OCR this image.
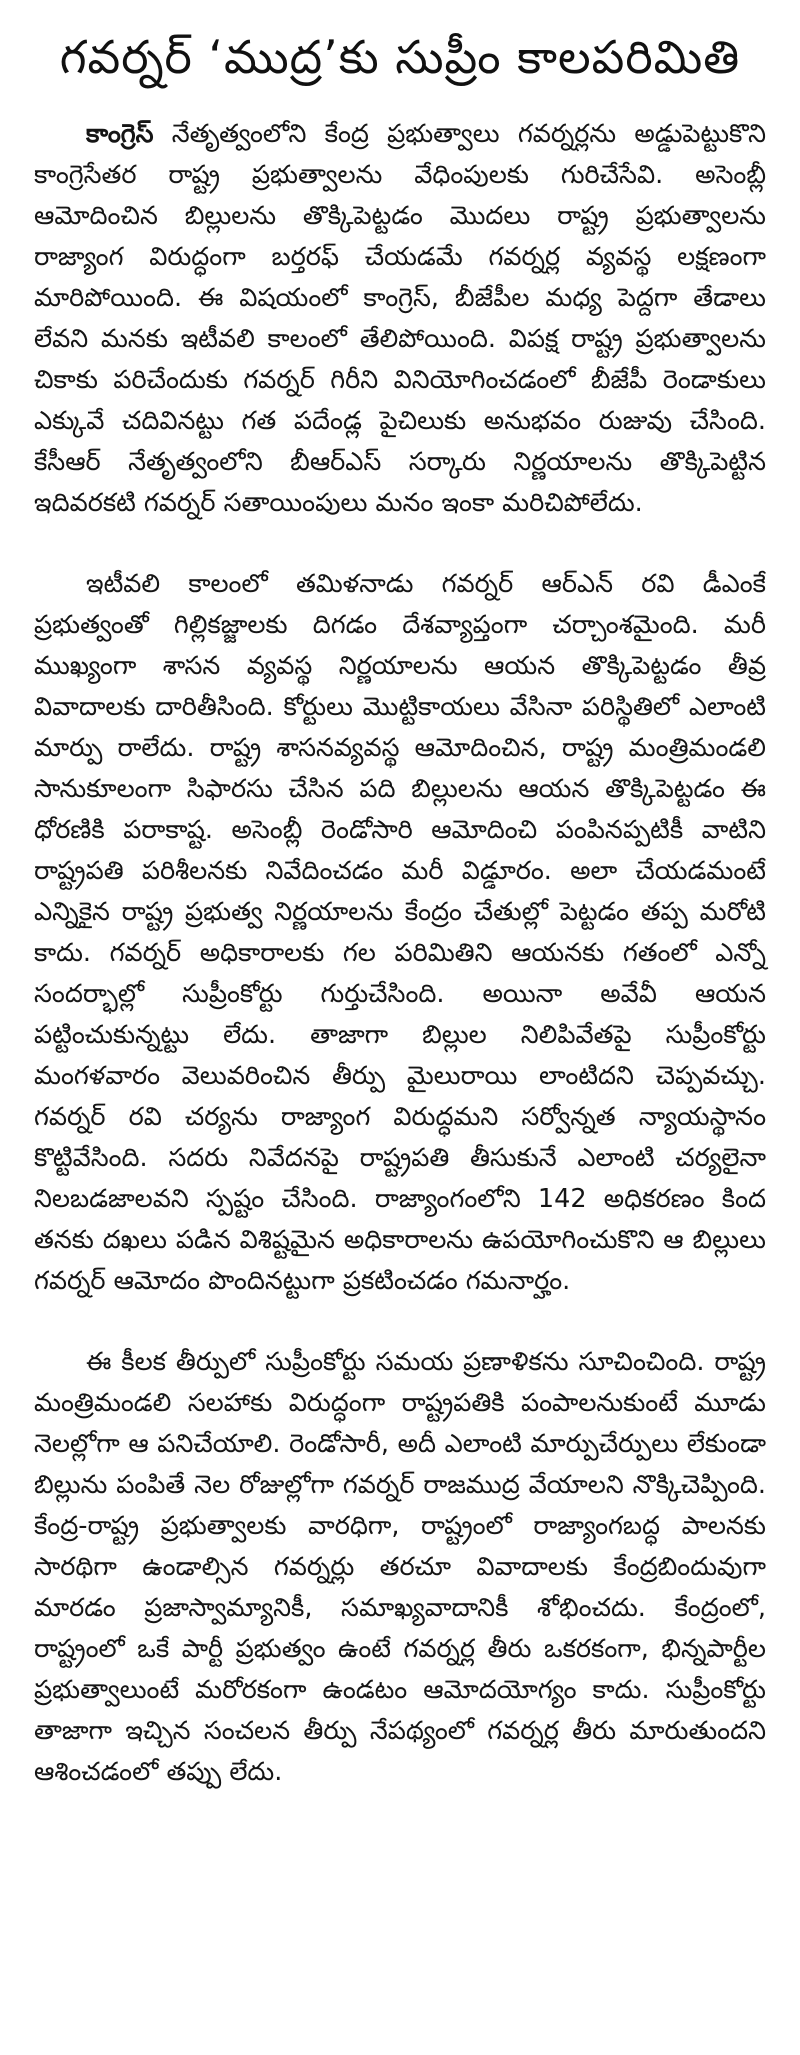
గవర్నర్ ‘ముద్ర’కు సుప్రీం కాలపరిమితి

కాంగ్రెస్ నేతృత్వంలోని కేంద్ర ప్రభుత్వాలు గవర్నర్లను అడ్డుపెట్టుకొని కాంగ్రెసేతర రాష్ట్ర ప్రభుత్వాలను వేధింపులకు గురిచేసేవి. అసెంబ్లీ ఆమోదించిన బిల్లులను తొక్కిపెట్టడం మొదలు రాష్ట్ర ప్రభుత్వాలను రాజ్యాంగ విరుద్ధంగా బర్తరఫ్ చేయడమే గవర్నర్ల వ్యవస్థ లక్షణంగా మారిపోయింది. ఈ విషయంలో కాంగ్రెస్, బీజేపీల మధ్య పెద్దగా తేడాలు లేవని మనకు ఇటీవలి కాలంలో తేలిపోయింది. విపక్ష రాష్ట్ర ప్రభుత్వాలను చికాకు పరిచేందుకు గవర్నర్ గిరీని వినియోగించడంలో బీజేపీ రెండాకులు ఎక్కువే చదివినట్టు గత పదేండ్ల పైచిలుకు అనుభవం రుజువు చేసింది. కేసీఆర్ నేతృత్వంలోని బీఆర్ఎస్ సర్కారు నిర్ణయాలను తొక్కిపెట్టిన ఇదివరకటి గవర్నర్ సతాయింపులు మనం ఇంకా మరిచిపోలేదు.

ఇటీవలి కాలంలో తమిళనాడు గవర్నర్ ఆర్ఎన్ రవి డీఎంకే ప్రభుత్వంతో గిల్లికజ్జాలకు దిగడం దేశవ్యాప్తంగా చర్చాంశమైంది. మరీ ముఖ్యంగా శాసన వ్యవస్థ నిర్ణయాలను ఆయన తొక్కిపెట్టడం తీవ్ర వివాదాలకు దారితీసింది. కోర్టులు మొట్టికాయలు వేసినా పరిస్థితిలో ఎలాంటి మార్పు రాలేదు. రాష్ట్ర శాసనవ్యవస్థ ఆమోదించిన, రాష్ట్ర మంత్రిమండలి సానుకూలంగా సిఫారసు చేసిన పది బిల్లులను ఆయన తొక్కిపెట్టడం ఈ ధోరణికి పరాకాష్ట. అసెంబ్లీ రెండోసారి ఆమోదించి పంపినప్పటికీ వాటిని రాష్ట్రపతి పరిశీలనకు నివేదించడం మరీ విడ్డూరం. అలా చేయడమంటే ఎన్నికైన రాష్ట్ర ప్రభుత్వ నిర్ణయాలను కేంద్రం చేతుల్లో పెట్టడం తప్ప మరోటి కాదు. గవర్నర్ అధికారాలకు గల పరిమితిని ఆయనకు గతంలో ఎన్నో సందర్భాల్లో సుప్రీంకోర్టు గుర్తుచేసింది. అయినా అవేవీ ఆయన పట్టించుకున్నట్టు లేదు. తాజాగా బిల్లుల నిలిపివేతపై సుప్రీంకోర్టు మంగళవారం వెలువరించిన తీర్పు మైలురాయి లాంటిదని చెప్పవచ్చు. గవర్నర్ రవి చర్యను రాజ్యాంగ విరుద్ధమని సర్వోన్నత న్యాయస్థానం కొట్టివేసింది. సదరు నివేదనపై రాష్ట్రపతి తీసుకునే ఎలాంటి చర్యలైనా నిలబడజాలవని స్పష్టం చేసింది. రాజ్యాంగంలోని 142 అధికరణం కింద తనకు దఖలు పడిన విశిష్టమైన అధికారాలను ఉపయోగించుకొని ఆ బిల్లులు గవర్నర్ ఆమోదం పొందినట్టుగా ప్రకటించడం గమనార్హం.

ఈ కీలక తీర్పులో సుప్రీంకోర్టు సమయ ప్రణాళికను సూచించింది. రాష్ట్ర మంత్రిమండలి సలహాకు విరుద్ధంగా రాష్ట్రపతికి పంపాలనుకుంటే మూడు నెలల్లోగా ఆ పనిచేయాలి. రెండోసారీ, అదీ ఎలాంటి మార్పుచేర్పులు లేకుండా బిల్లును పంపితే నెల రోజుల్లోగా గవర్నర్ రాజముద్ర వేయాలని నొక్కిచెప్పింది. కేంద్ర-రాష్ట్ర ప్రభుత్వాలకు వారధిగా, రాష్ట్రంలో రాజ్యాంగబద్ధ పాలనకు సారథిగా ఉండాల్సిన గవర్నర్లు తరచూ వివాదాలకు కేంద్రబిందువుగా మారడం ప్రజాస్వామ్యానికీ, సమాఖ్యవాదానికీ శోభించదు. కేంద్రంలో, రాష్ట్రంలో ఒకే పార్టీ ప్రభుత్వం ఉంటే గవర్నర్ల తీరు ఒకరకంగా, భిన్నపార్టీల ప్రభుత్వాలుంటే మరోరకంగా ఉండటం ఆమోదయోగ్యం కాదు. సుప్రీంకోర్టు తాజాగా ఇచ్చిన సంచలన తీర్పు నేపథ్యంలో గవర్నర్ల తీరు మారుతుందని ఆశించడంలో తప్పు లేదు.
